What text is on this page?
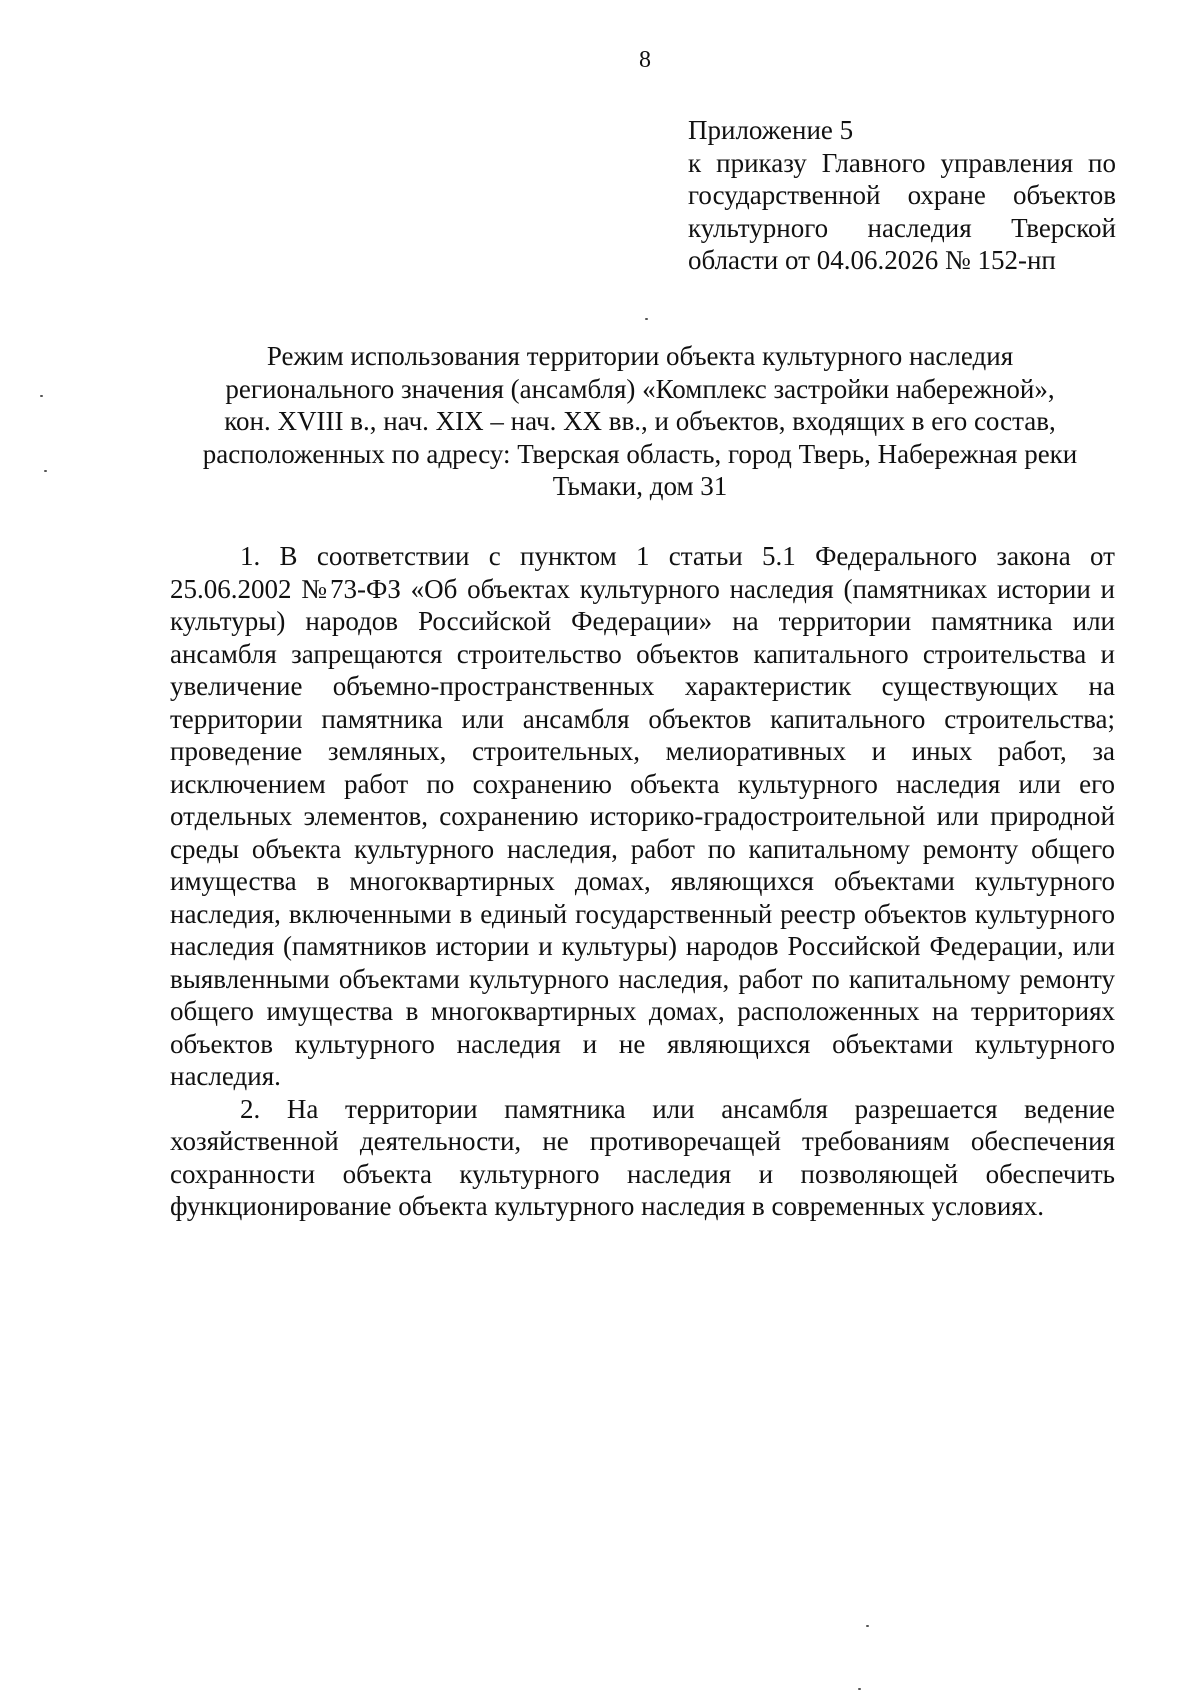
8
Приложение 5
к приказу Главного управления по
государственной охране объектов
культурного наследия Тверской
области от 04.06.2026 № 152-нп
Режим использования территории объекта культурного наследия
регионального значения (ансамбля) «Комплекс застройки набережной»,
кон. XVIII в., нач. XIX – нач. XX вв., и объектов, входящих в его состав,
расположенных по адресу: Тверская область, город Тверь, Набережная реки
Тьмаки, дом 31

1. В соответствии с пунктом 1 статьи 5.1 Федерального закона от 25.06.2002 №73-ФЗ «Об объектах культурного наследия (памятниках истории и культуры) народов Российской Федерации» на территории памятника или ансамбля запрещаются строительство объектов капитального строительства и увеличение объемно-пространственных характеристик существующих на территории памятника или ансамбля объектов капитального строительства; проведение земляных, строительных, мелиоративных и иных работ, за исключением работ по сохранению объекта культурного наследия или его отдельных элементов, сохранению историко-градостроительной или природной среды объекта культурного наследия, работ по капитальному ремонту общего имущества в многоквартирных домах, являющихся объектами культурного наследия, включенными в единый государственный реестр объектов культурного наследия (памятников истории и культуры) народов Российской Федерации, или выявленными объектами культурного наследия, работ по капитальному ремонту общего имущества в многоквартирных домах, расположенных на территориях объектов культурного наследия и не являющихся объектами культурного наследия.

2. На территории памятника или ансамбля разрешается ведение хозяйственной деятельности, не противоречащей требованиям обеспечения сохранности объекта культурного наследия и позволяющей обеспечить функционирование объекта культурного наследия в современных условиях.
